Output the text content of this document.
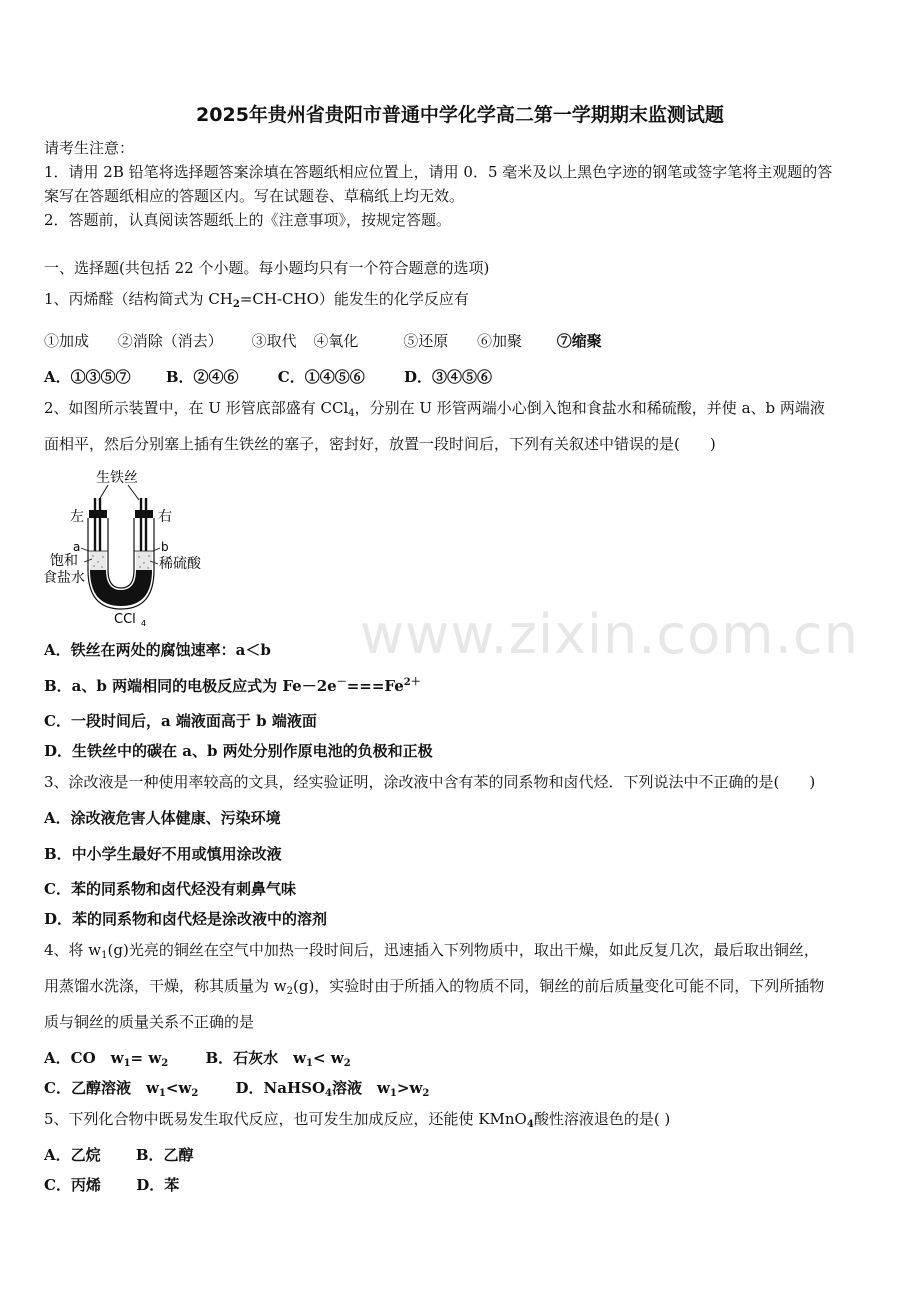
2025年贵州省贵阳市普通中学化学高二第一学期期末监测试题
请考生注意：
1．请用 2B 铅笔将选择题答案涂填在答题纸相应位置上，请用 0．5 毫米及以上黑色字迹的钢笔或签字笔将主观题的答
案写在答题纸相应的答题区内。写在试题卷、草稿纸上均无效。
2．答题前，认真阅读答题纸上的《注意事项》，按规定答题。
一、选择题(共包括 22 个小题。每小题均只有一个符合题意的选项)
1、丙烯醛（结构简式为 $CH_2=CH-CHO$）能发生的化学反应有
①加成 ②消除（消去） ③取代 ④氧化	⑤还原 ⑥加聚 ⑦缩聚
A．①③⑤⑦ B．②④⑥	C．①④⑤⑥	D．③④⑤⑥
2、如图所示装置中，在 U 形管底部盛有 CCl$_4$，分别在 U 形管两端小心倒入饱和食盐水和稀硫酸，并使 a、b 两端液
面相平，然后分别塞上插有生铁丝的塞子，密封好，放置一段时间后，下列有关叙述中错误的是(　　)
生铁丝
左	右
a	b
饱和
食盐水
稀硫酸
CCl 4
A．铁丝在两处的腐蚀速率：a＜b
B．a、b 两端相同的电极反应式为 $Fe-2e^-===Fe^{2+}$
C．一段时间后，a 端液面高于 b 端液面
D．生铁丝中的碳在 a、b 两处分别作原电池的负极和正极
3、涂改液是一种使用率较高的文具，经实验证明，涂改液中含有苯的同系物和卤代烃．下列说法中不正确的是(　　)
A．涂改液危害人体健康、污染环境
B．中小学生最好不用或慎用涂改液
C．苯的同系物和卤代烃没有刺鼻气味
D．苯的同系物和卤代烃是涂改液中的溶剂
4、将 $w_1(g)$光亮的铜丝在空气中加热一段时间后，迅速插入下列物质中，取出干燥，如此反复几次，最后取出铜丝，
用蒸馏水洗涤，干燥，称其质量为 $w_2(g)$，实验时由于所插入的物质不同，铜丝的前后质量变化可能不同，下列所插物
质与铜丝的质量关系不正确的是
A．CO　$w_1= w_2$ B．石灰水　$w_1< w_2$
C．乙醇溶液　$w_1<w_2$ D．NaHSO$_4$溶液　$w_1>w_2$
5、下列化合物中既易发生取代反应，也可发生加成反应，还能使 KMnO$_4$酸性溶液退色的是( )
A．乙烷 B．乙醇
C．丙烯 D．苯
www.zixin.com.cn
